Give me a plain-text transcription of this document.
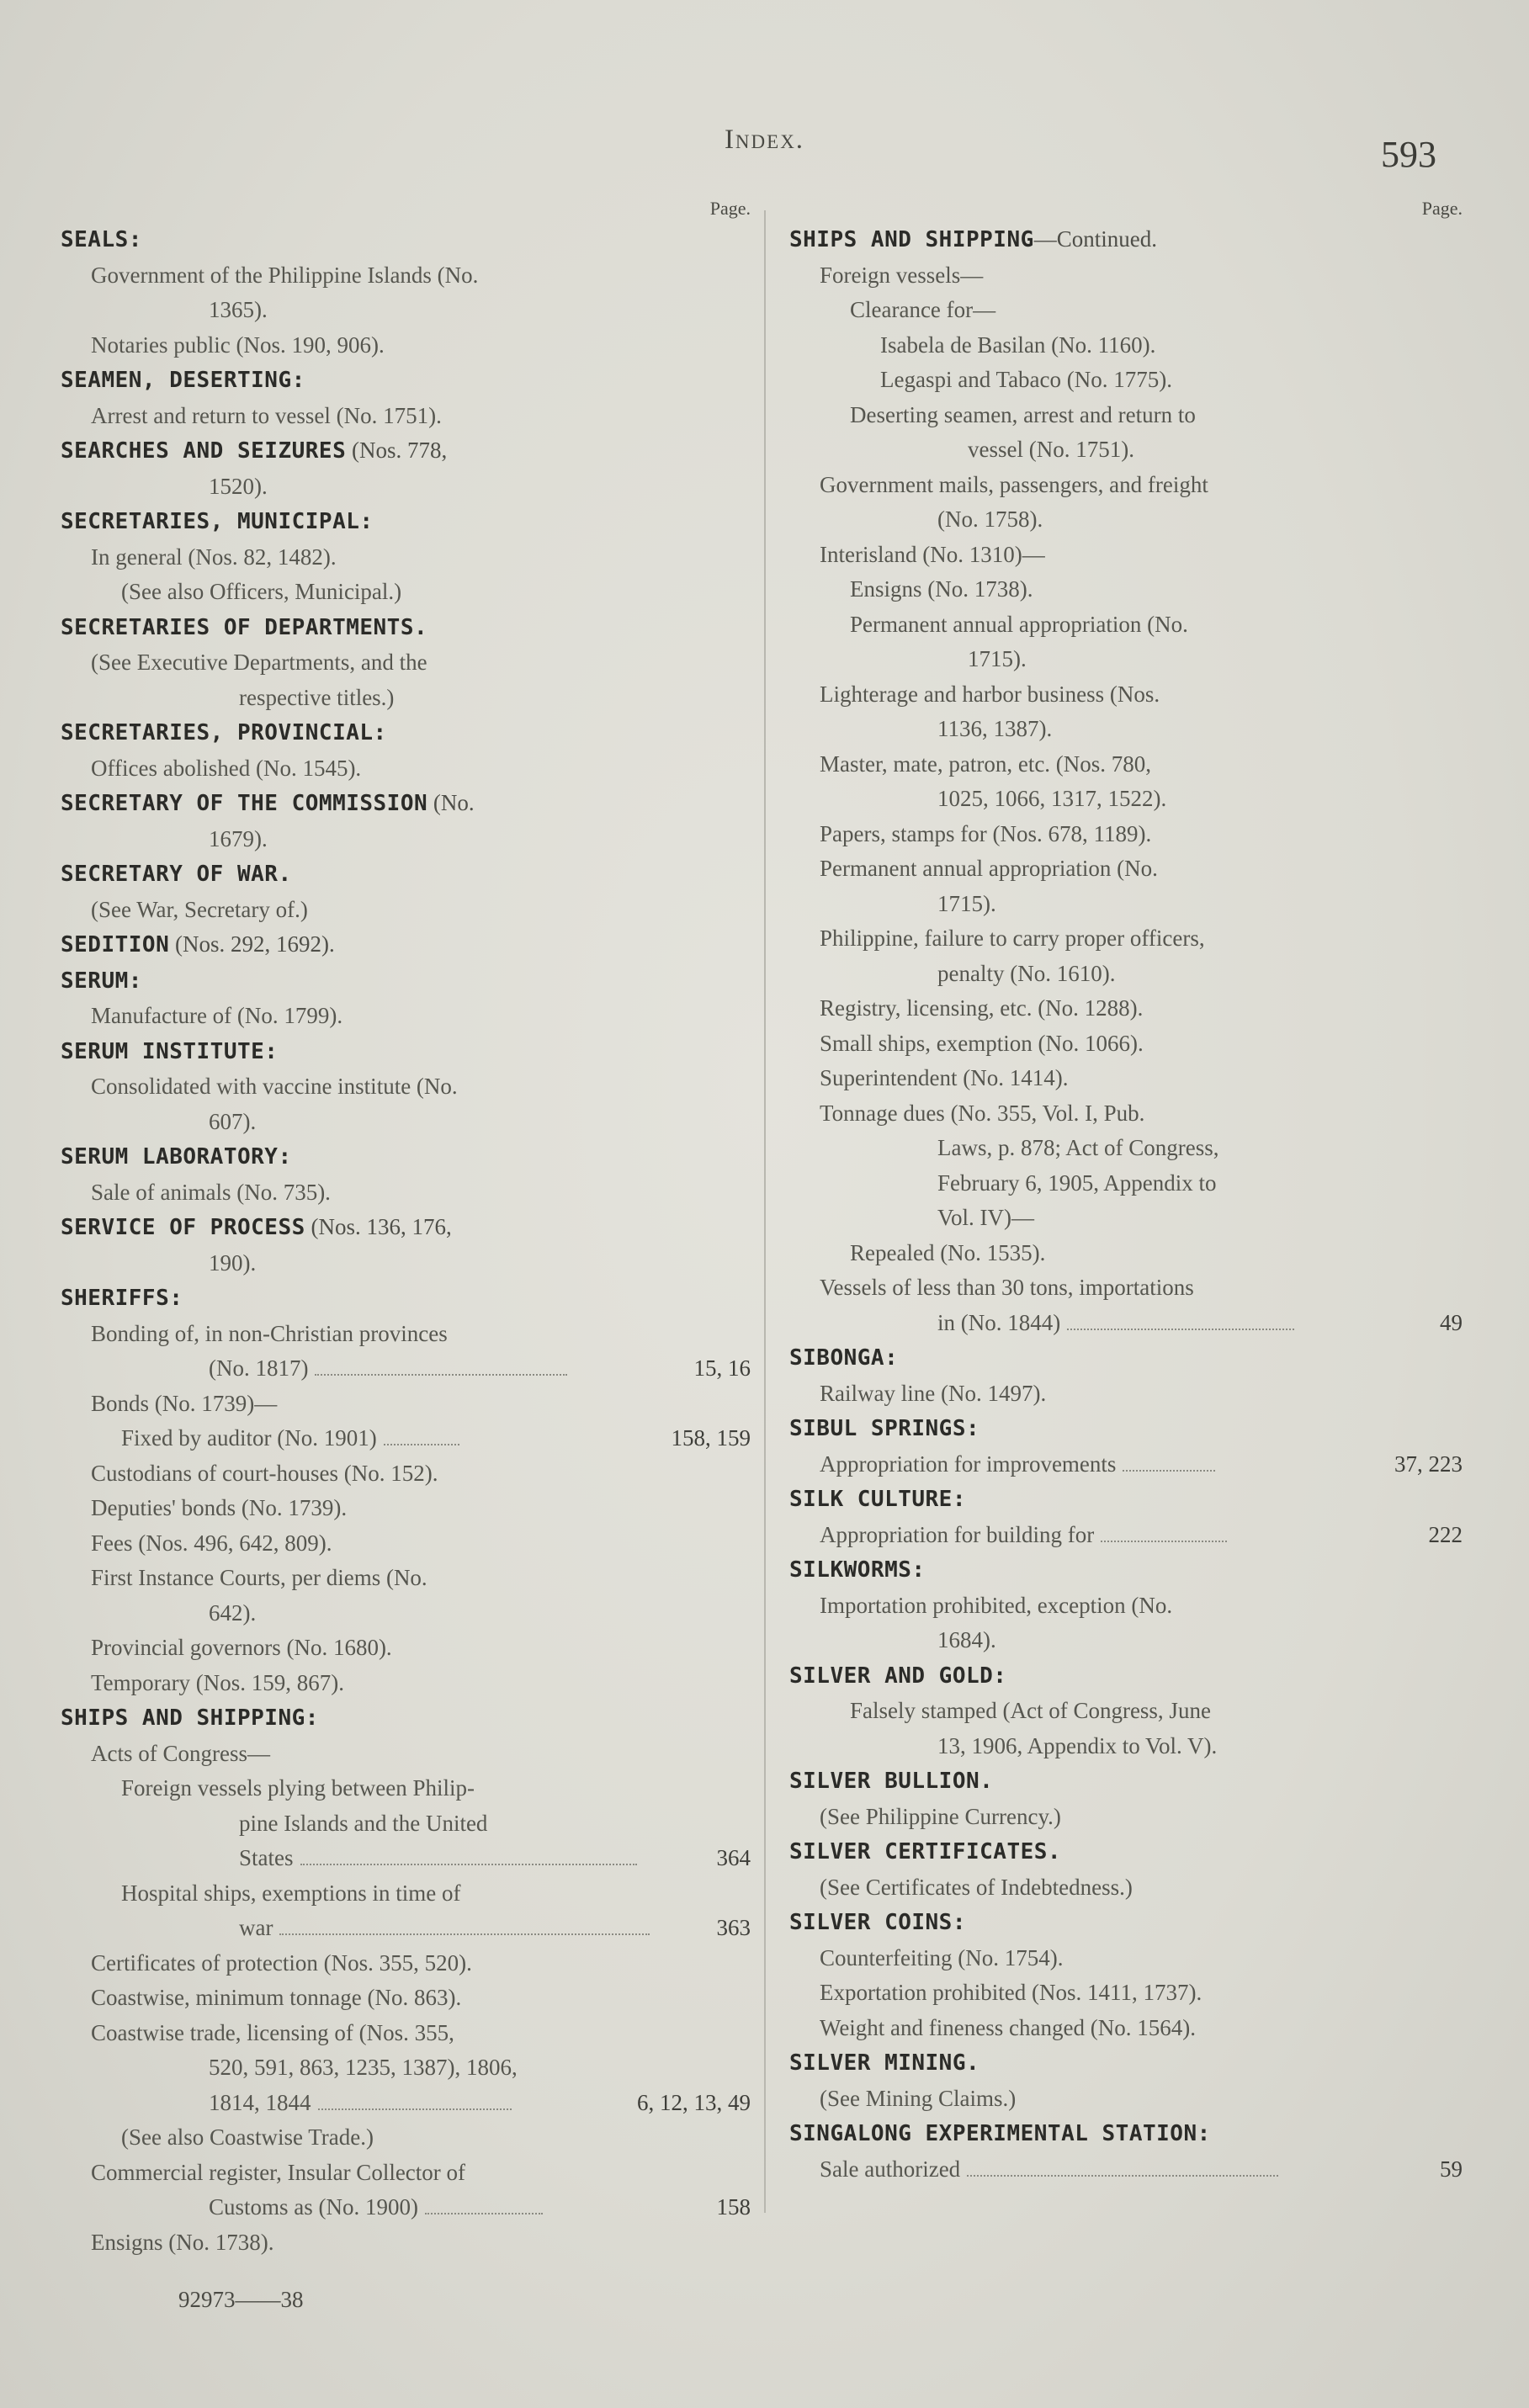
Index.	593
Page.
SEALS:
Government of the Philippine Islands (No.
1365).
Notaries public (Nos. 190, 906).
SEAMEN, DESERTING:
Arrest and return to vessel (No. 1751).
SEARCHES AND SEIZURES (Nos. 778,
1520).
SECRETARIES, MUNICIPAL:
In general (Nos. 82, 1482).
(See also Officers, Municipal.)
SECRETARIES OF DEPARTMENTS.
(See Executive Departments, and the
respective titles.)
SECRETARIES, PROVINCIAL:
Offices abolished (No. 1545).
SECRETARY OF THE COMMISSION (No.
1679).
SECRETARY OF WAR.
(See War, Secretary of.)
SEDITION (Nos. 292, 1692).
SERUM:
Manufacture of (No. 1799).
SERUM INSTITUTE:
Consolidated with vaccine institute (No.
607).
SERUM LABORATORY:
Sale of animals (No. 735).
SERVICE OF PROCESS (Nos. 136, 176,
190).
SHERIFFS:
Bonding of, in non-Christian provinces
(No. 1817)	15, 16
Bonds (No. 1739)—
Fixed by auditor (No. 1901)	158, 159
Custodians of court-houses (No. 152).
Deputies' bonds (No. 1739).
Fees (Nos. 496, 642, 809).
First Instance Courts, per diems (No.
642).
Provincial governors (No. 1680).
Temporary (Nos. 159, 867).
SHIPS AND SHIPPING:
Acts of Congress—
Foreign vessels plying between Philip-
pine Islands and the United
States	364
Hospital ships, exemptions in time of
war	363
Certificates of protection (Nos. 355, 520).
Coastwise, minimum tonnage (No. 863).
Coastwise trade, licensing of (Nos. 355,
520, 591, 863, 1235, 1387), 1806,
1814, 1844	6, 12, 13, 49
(See also Coastwise Trade.)
Commercial register, Insular Collector of
Customs as (No. 1900)	158
Ensigns (No. 1738).
Page.
SHIPS AND SHIPPING—Continued.
Foreign vessels—
Clearance for—
Isabela de Basilan (No. 1160).
Legaspi and Tabaco (No. 1775).
Deserting seamen, arrest and return to
vessel (No. 1751).
Government mails, passengers, and freight
(No. 1758).
Interisland (No. 1310)—
Ensigns (No. 1738).
Permanent annual appropriation (No.
1715).
Lighterage and harbor business (Nos.
1136, 1387).
Master, mate, patron, etc. (Nos. 780,
1025, 1066, 1317, 1522).
Papers, stamps for (Nos. 678, 1189).
Permanent annual appropriation (No.
1715).
Philippine, failure to carry proper officers,
penalty (No. 1610).
Registry, licensing, etc. (No. 1288).
Small ships, exemption (No. 1066).
Superintendent (No. 1414).
Tonnage dues (No. 355, Vol. I, Pub.
Laws, p. 878; Act of Congress,
February 6, 1905, Appendix to
Vol. IV)—
Repealed (No. 1535).
Vessels of less than 30 tons, importations
in (No. 1844)	49
SIBONGA:
Railway line (No. 1497).
SIBUL SPRINGS:
Appropriation for improvements	37, 223
SILK CULTURE:
Appropriation for building for	222
SILKWORMS:
Importation prohibited, exception (No.
1684).
SILVER AND GOLD:
Falsely stamped (Act of Congress, June
13, 1906, Appendix to Vol. V).
SILVER BULLION.
(See Philippine Currency.)
SILVER CERTIFICATES.
(See Certificates of Indebtedness.)
SILVER COINS:
Counterfeiting (No. 1754).
Exportation prohibited (Nos. 1411, 1737).
Weight and fineness changed (No. 1564).
SILVER MINING.
(See Mining Claims.)
SINGALONG EXPERIMENTAL STATION:
Sale authorized	59
92973——38
